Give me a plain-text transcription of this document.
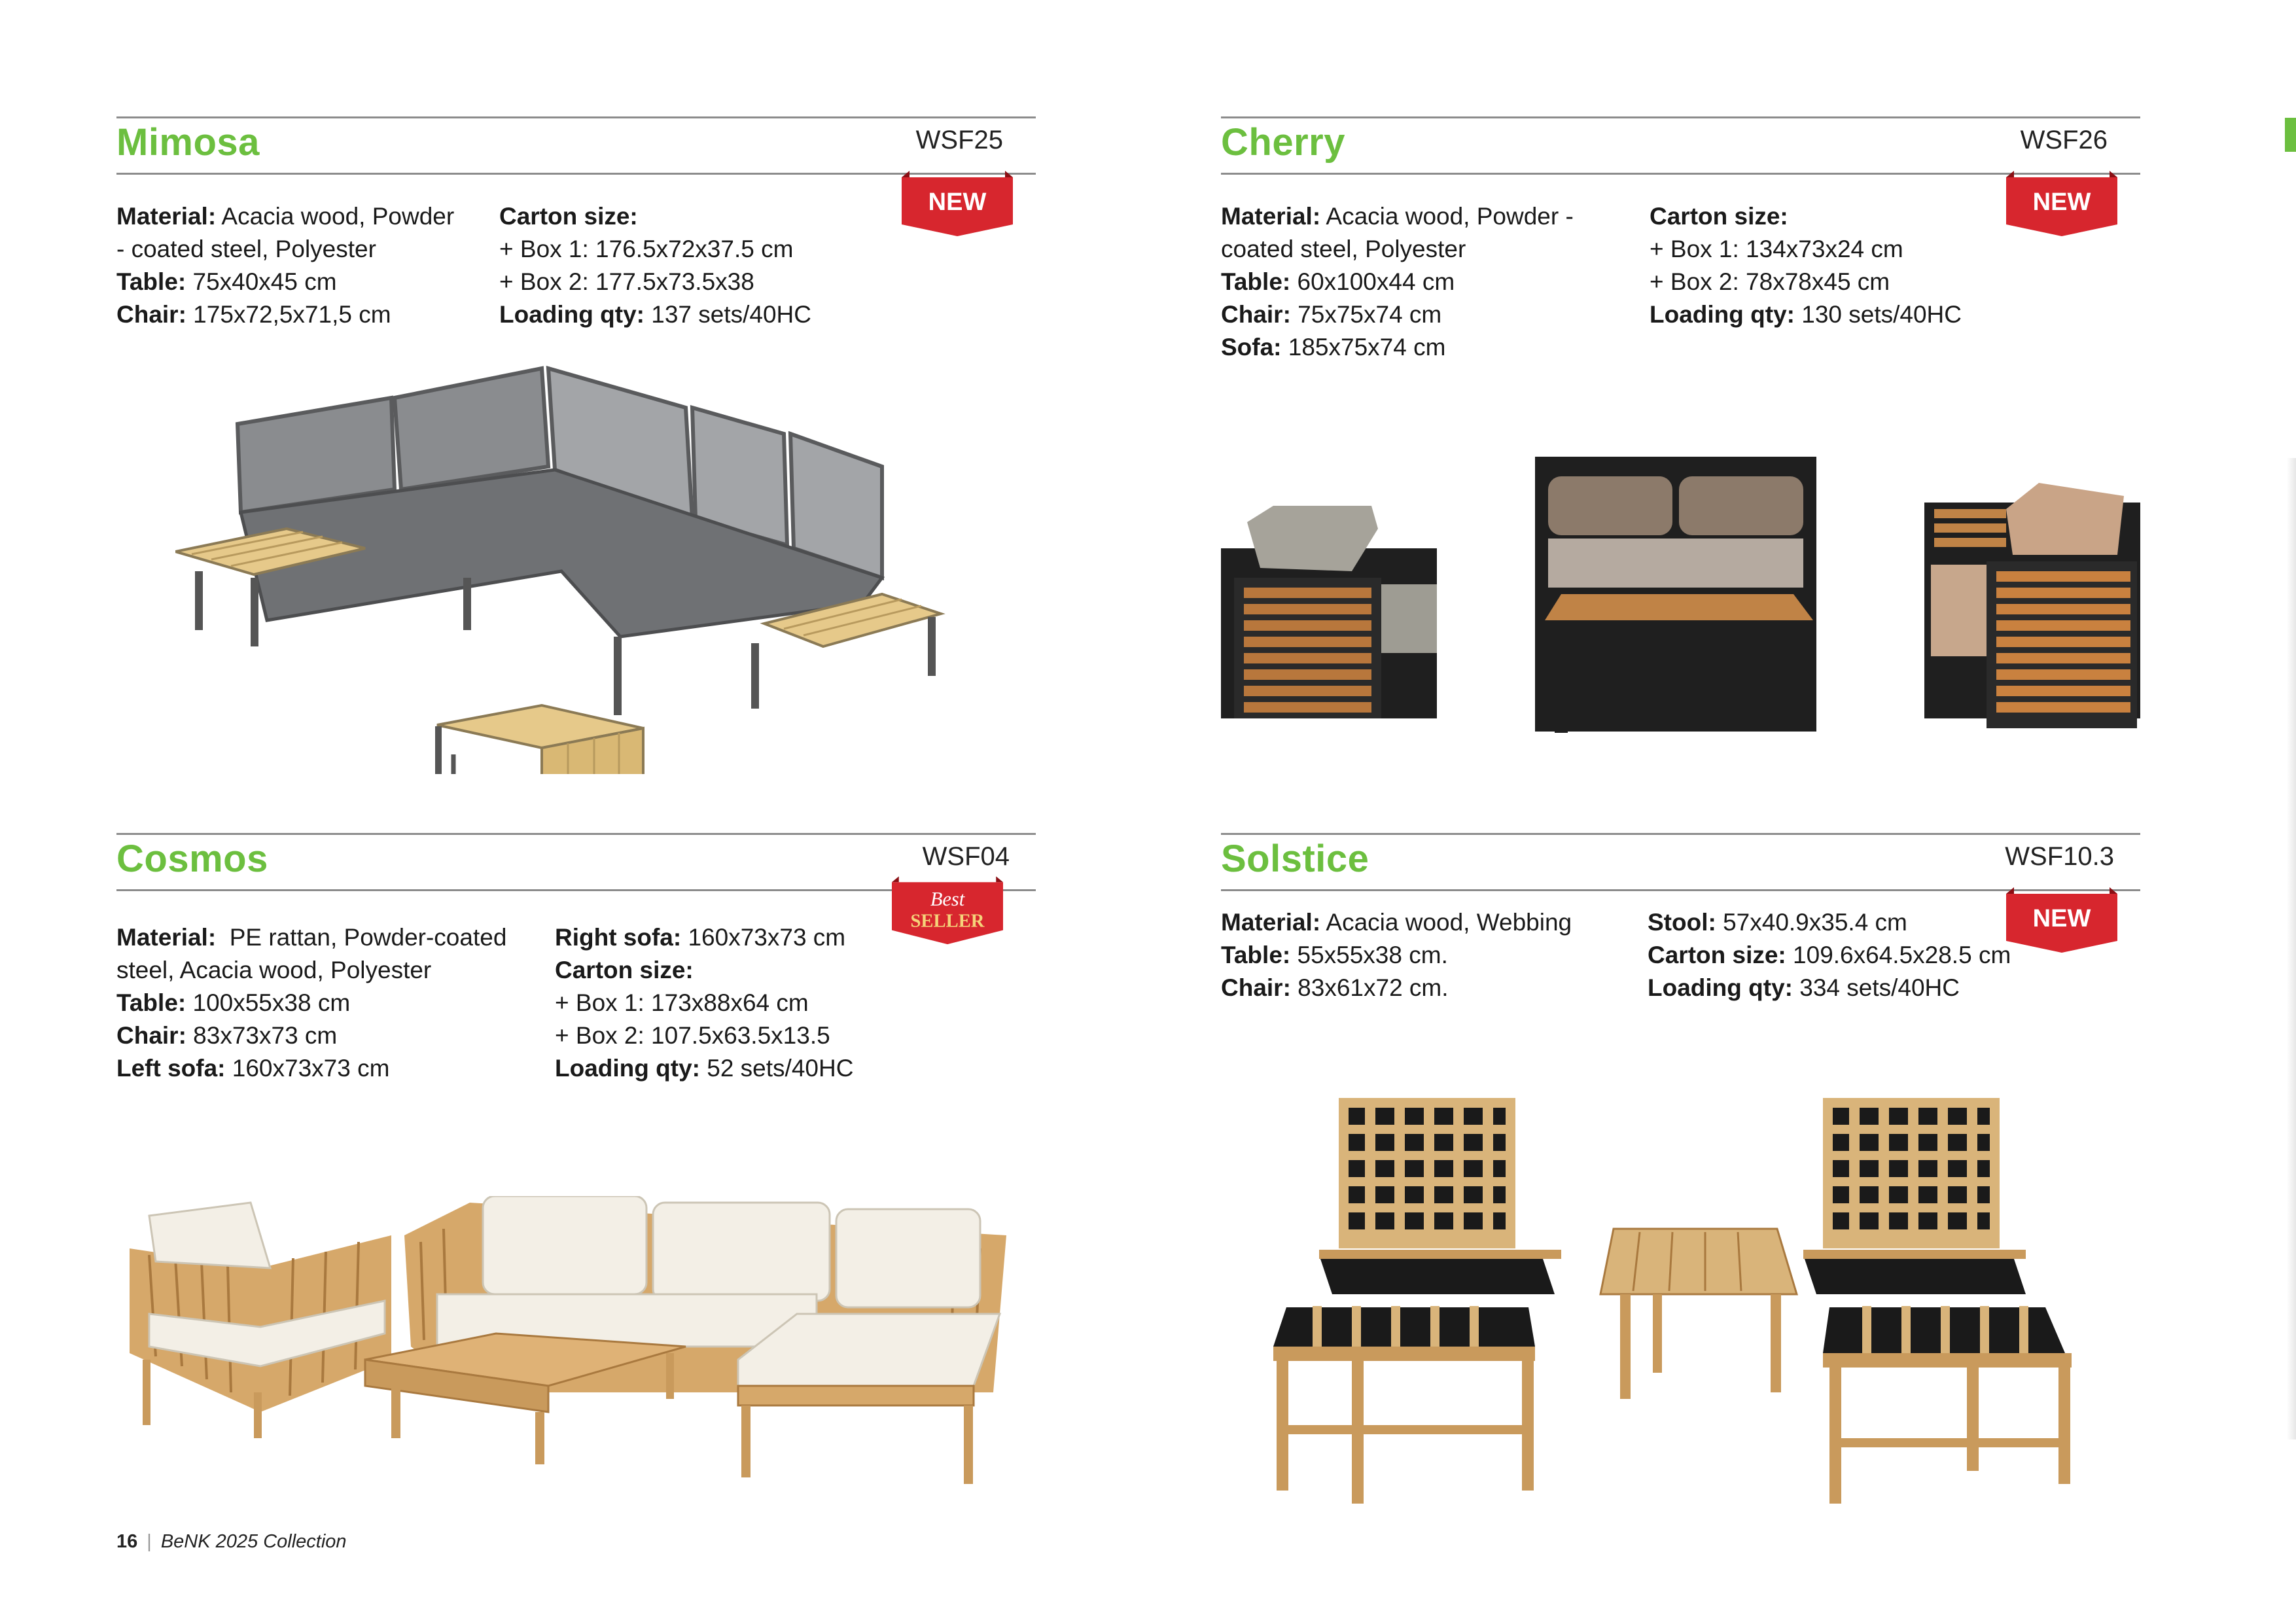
Mimosa	WSF25
NEW
Material: Acacia wood, Powder
- coated steel, Polyester
Table: 75x40x45 cm
Chair: 175x72,5x71,5 cm
Carton size:
+ Box 1: 176.5x72x37.5 cm
+ Box 2: 177.5x73.5x38
Loading qty: 137 sets/40HC
Cherry	WSF26
NEW
Material: Acacia wood, Powder -
coated steel, Polyester
Table: 60x100x44 cm
Chair: 75x75x74 cm
Sofa: 185x75x74 cm
Carton size:
+ Box 1: 134x73x24 cm
+ Box 2: 78x78x45 cm
Loading qty: 130 sets/40HC
Cosmos	WSF04
Best
SELLER
Material:  PE rattan, Powder-coated
steel, Acacia wood, Polyester
Table: 100x55x38 cm
Chair: 83x73x73 cm
Left sofa: 160x73x73 cm
Right sofa: 160x73x73 cm
Carton size:
+ Box 1: 173x88x64 cm
+ Box 2: 107.5x63.5x13.5
Loading qty: 52 sets/40HC
Solstice	WSF10.3
NEW
Material: Acacia wood, Webbing
Table: 55x55x38 cm.
Chair: 83x61x72 cm.
Stool: 57x40.9x35.4 cm
Carton size: 109.6x64.5x28.5 cm
Loading qty: 334 sets/40HC
16 | BeNK 2025 Collection
